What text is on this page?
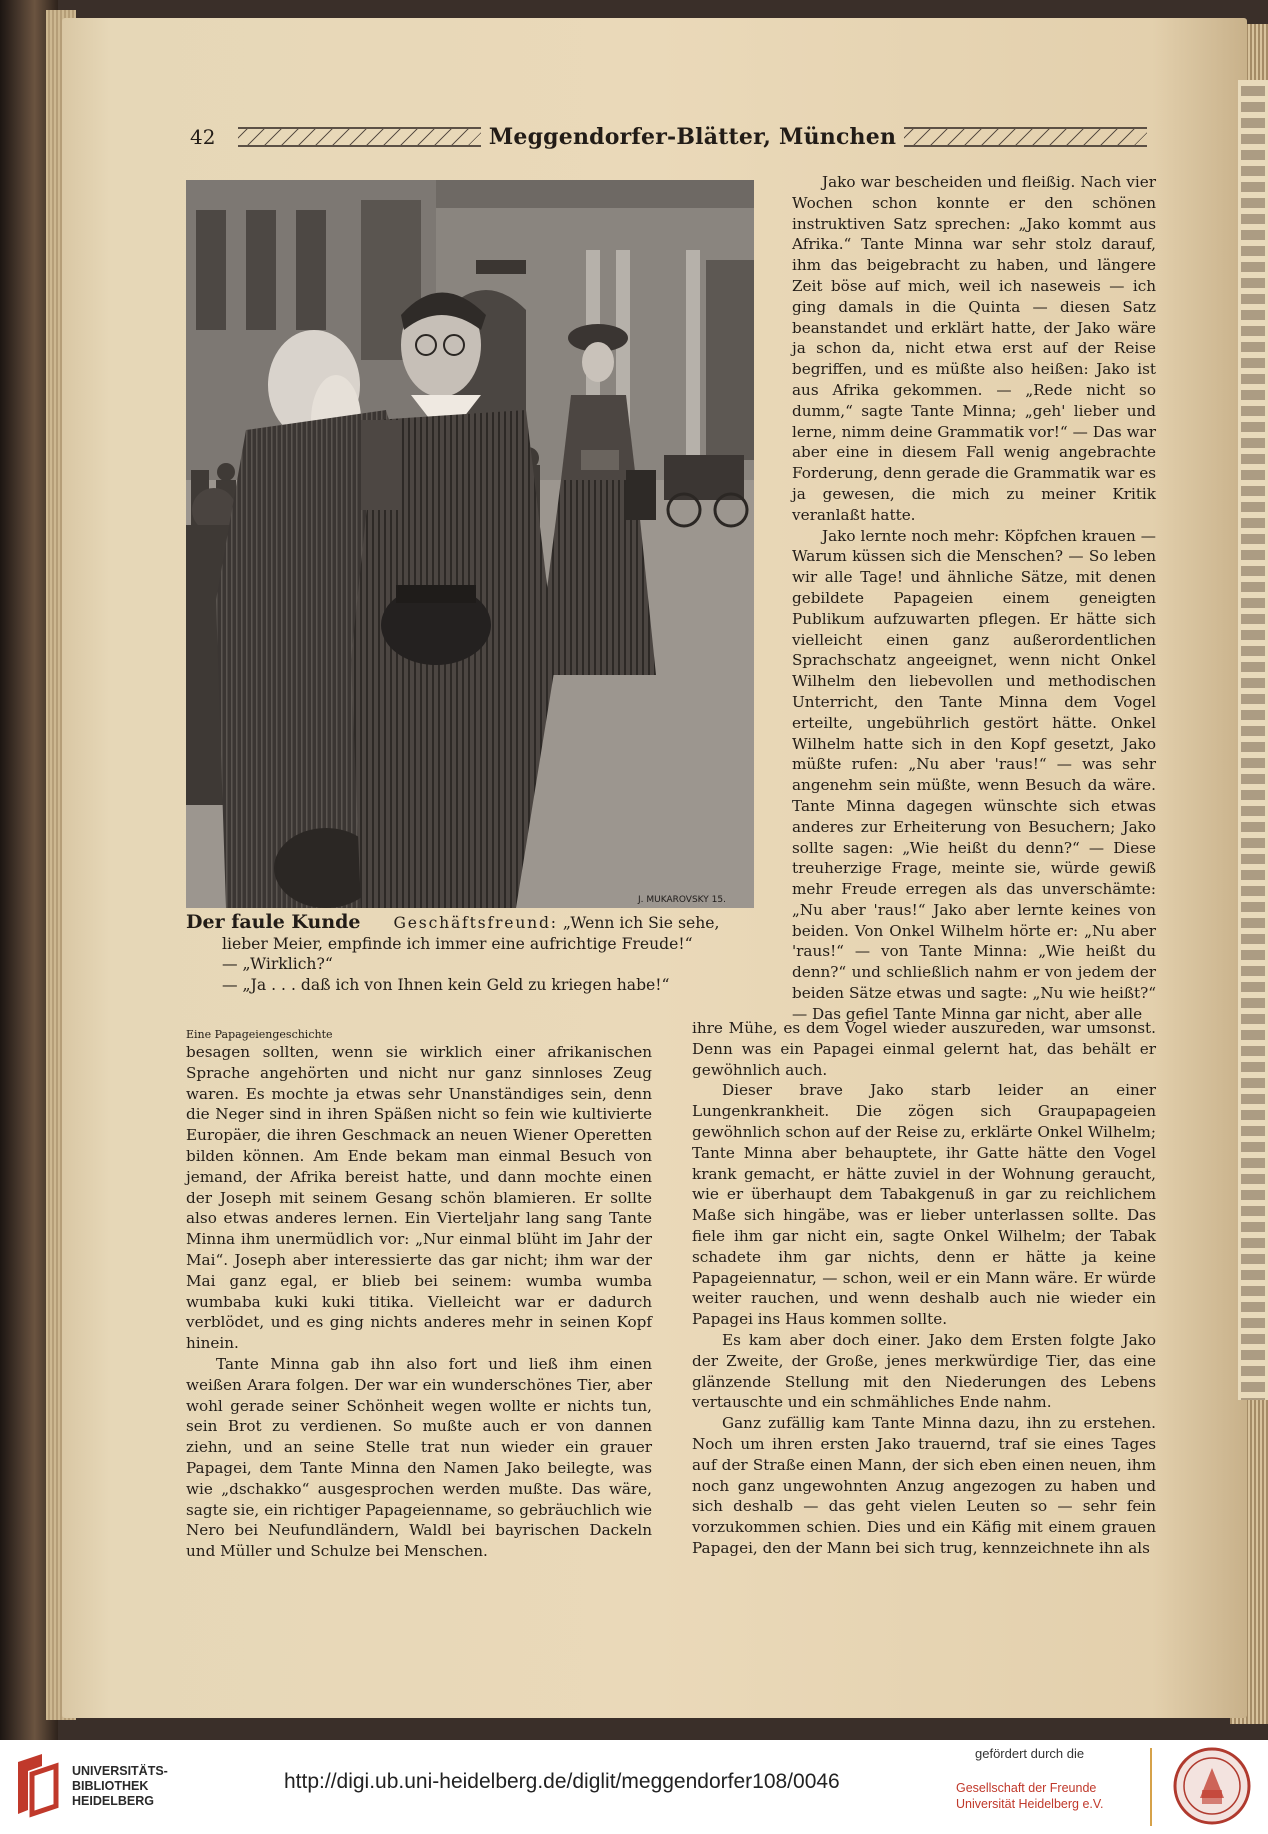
42	Meggendorfer-Blätter, München
J. MUKAROVSKY 15.

Der faule Kunde Geschäftsfreund: „Wenn ich Sie sehe,

lieber Meier, empfinde ich immer eine aufrichtige Freude!“

— „Wirklich?“

— „Ja . . . daß ich von Ihnen kein Geld zu kriegen habe!“

Jako war bescheiden und fleißig. Nach vier Wochen schon konnte er den schönen instruktiven Satz sprechen: „Jako kommt aus Afrika.“ Tante Minna war sehr stolz darauf, ihm das beigebracht zu haben, und längere Zeit böse auf mich, weil ich naseweis — ich ging damals in die Quinta — diesen Satz beanstandet und erklärt hatte, der Jako wäre ja schon da, nicht etwa erst auf der Reise begriffen, und es müßte also heißen: Jako ist aus Afrika gekommen. — „Rede nicht so dumm,“ sagte Tante Minna; „geh' lieber und lerne, nimm deine Grammatik vor!“ — Das war aber eine in diesem Fall wenig angebrachte Forderung, denn gerade die Grammatik war es ja gewesen, die mich zu meiner Kritik veranlaßt hatte.

Jako lernte noch mehr: Köpfchen krauen — Warum küssen sich die Menschen? — So leben wir alle Tage! und ähnliche Sätze, mit denen gebildete Papageien einem geneigten Publikum aufzuwarten pflegen. Er hätte sich vielleicht einen ganz außerordentlichen Sprachschatz angeeignet, wenn nicht Onkel Wilhelm den liebevollen und methodischen Unterricht, den Tante Minna dem Vogel erteilte, ungebührlich gestört hätte. Onkel Wilhelm hatte sich in den Kopf gesetzt, Jako müßte rufen: „Nu aber 'raus!“ — was sehr angenehm sein müßte, wenn Besuch da wäre. Tante Minna dagegen wünschte sich etwas anderes zur Erheiterung von Besuchern; Jako sollte sagen: „Wie heißt du denn?“ — Diese treuherzige Frage, meinte sie, würde gewiß mehr Freude erregen als das unverschämte: „Nu aber 'raus!“ Jako aber lernte keines von beiden. Von Onkel Wilhelm hörte er: „Nu aber 'raus!“ — von Tante Minna: „Wie heißt du denn?“ und schließlich nahm er von jedem der beiden Sätze etwas und sagte: „Nu wie heißt?“ — Das gefiel Tante Minna gar nicht, aber alle

Eine Papageiengeschichte

besagen sollten, wenn sie wirklich einer afrikanischen Sprache angehörten und nicht nur ganz sinnloses Zeug waren. Es mochte ja etwas sehr Unanständiges sein, denn die Neger sind in ihren Späßen nicht so fein wie kultivierte Europäer, die ihren Geschmack an neuen Wiener Operetten bilden können. Am Ende bekam man einmal Besuch von jemand, der Afrika bereist hatte, und dann mochte einen der Joseph mit seinem Gesang schön blamieren. Er sollte also etwas anderes lernen. Ein Vierteljahr lang sang Tante Minna ihm unermüdlich vor: „Nur einmal blüht im Jahr der Mai“. Joseph aber interessierte das gar nicht; ihm war der Mai ganz egal, er blieb bei seinem: wumba wumba wumbaba kuki kuki titika. Vielleicht war er dadurch verblödet, und es ging nichts anderes mehr in seinen Kopf hinein.

Tante Minna gab ihn also fort und ließ ihm einen weißen Arara folgen. Der war ein wunderschönes Tier, aber wohl gerade seiner Schönheit wegen wollte er nichts tun, sein Brot zu verdienen. So mußte auch er von dannen ziehn, und an seine Stelle trat nun wieder ein grauer Papagei, dem Tante Minna den Namen Jako beilegte, was wie „dschakko“ ausgesprochen werden mußte. Das wäre, sagte sie, ein richtiger Papageienname, so gebräuchlich wie Nero bei Neufundländern, Waldl bei bayrischen Dackeln und Müller und Schulze bei Menschen.

ihre Mühe, es dem Vogel wieder auszureden, war umsonst. Denn was ein Papagei einmal gelernt hat, das behält er gewöhnlich auch.

Dieser brave Jako starb leider an einer Lungenkrankheit. Die zögen sich Graupapageien gewöhnlich schon auf der Reise zu, erklärte Onkel Wilhelm; Tante Minna aber behauptete, ihr Gatte hätte den Vogel krank gemacht, er hätte zuviel in der Wohnung geraucht, wie er überhaupt dem Tabakgenuß in gar zu reichlichem Maße sich hingäbe, was er lieber unterlassen sollte. Das fiele ihm gar nicht ein, sagte Onkel Wilhelm; der Tabak schadete ihm gar nichts, denn er hätte ja keine Papageiennatur, — schon, weil er ein Mann wäre. Er würde weiter rauchen, und wenn deshalb auch nie wieder ein Papagei ins Haus kommen sollte.

Es kam aber doch einer. Jako dem Ersten folgte Jako der Zweite, der Große, jenes merkwürdige Tier, das eine glänzende Stellung mit den Niederungen des Lebens vertauschte und ein schmähliches Ende nahm.

Ganz zufällig kam Tante Minna dazu, ihn zu erstehen. Noch um ihren ersten Jako trauernd, traf sie eines Tages auf der Straße einen Mann, der sich eben einen neuen, ihm noch ganz ungewohnten Anzug angezogen zu haben und sich deshalb — das geht vielen Leuten so — sehr fein vorzukommen schien. Dies und ein Käfig mit einem grauen Papagei, den der Mann bei sich trug, kennzeichnete ihn als

UNIVERSITÄTS-
BIBLIOTHEK
HEIDELBERG
http://digi.ub.uni-heidelberg.de/diglit/meggendorfer108/0046
gefördert durch die
Gesellschaft der Freunde
Universität Heidelberg e.V.
